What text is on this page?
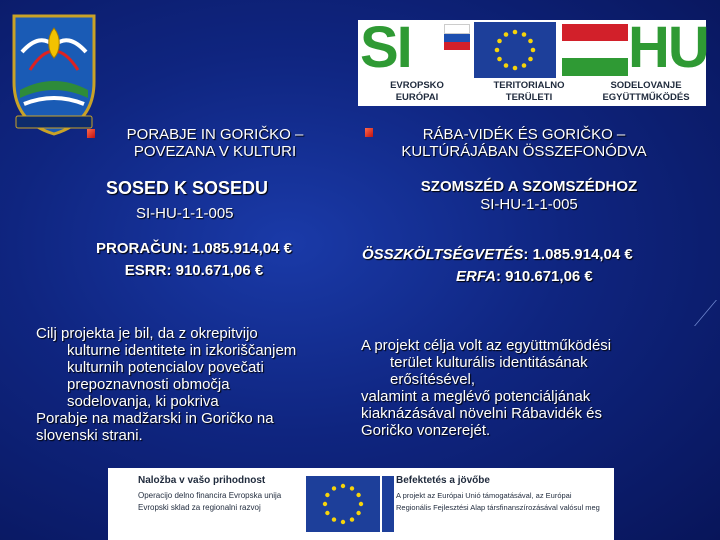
SI	HU
EVROPSKO
EURÓPAI
TERITORIALNO
TERÜLETI
SODELOVANJE
EGYÜTTMŰKÖDÉS
PORABJE IN GORIČKO –
POVEZANA V KULTURI
SOSED K SOSEDU
SI-HU-1-1-005
PRORAČUN: 1.085.914,04 €
ESRR: 910.671,06 €
Cilj projekta je bil, da z okrepitvijo
kulturne identitete in izkoriščanjem
kulturnih potencialov povečati
prepoznavnosti območja
sodelovanja, ki pokriva
Porabje na madžarski in Goričko na
slovenski strani.
RÁBA-VIDÉK ÉS GORIČKO –
KULTÚRÁJÁBAN ÖSSZEFONÓDVA
SZOMSZÉD A SZOMSZÉDHOZ
SI-HU-1-1-005
ÖSSZKÖLTSÉGVETÉS: 1.085.914,04 €
ERFA: 910.671,06 €
A projekt célja volt az együttműködési
terület kulturális identitásának
erősítésével,
valamint a meglévő potenciáljának
kiaknázásával növelni Rábavidék és
Goričko vonzerejét.
Naložba v vašo prihodnost
Operacijo delno financira Evropska unija
Evropski sklad za regionalni razvoj
Befektetés a jövőbe
A projekt az Európai Unió támogatásával, az Európai
Regionális Fejlesztési Alap társfinanszírozásával valósul meg
